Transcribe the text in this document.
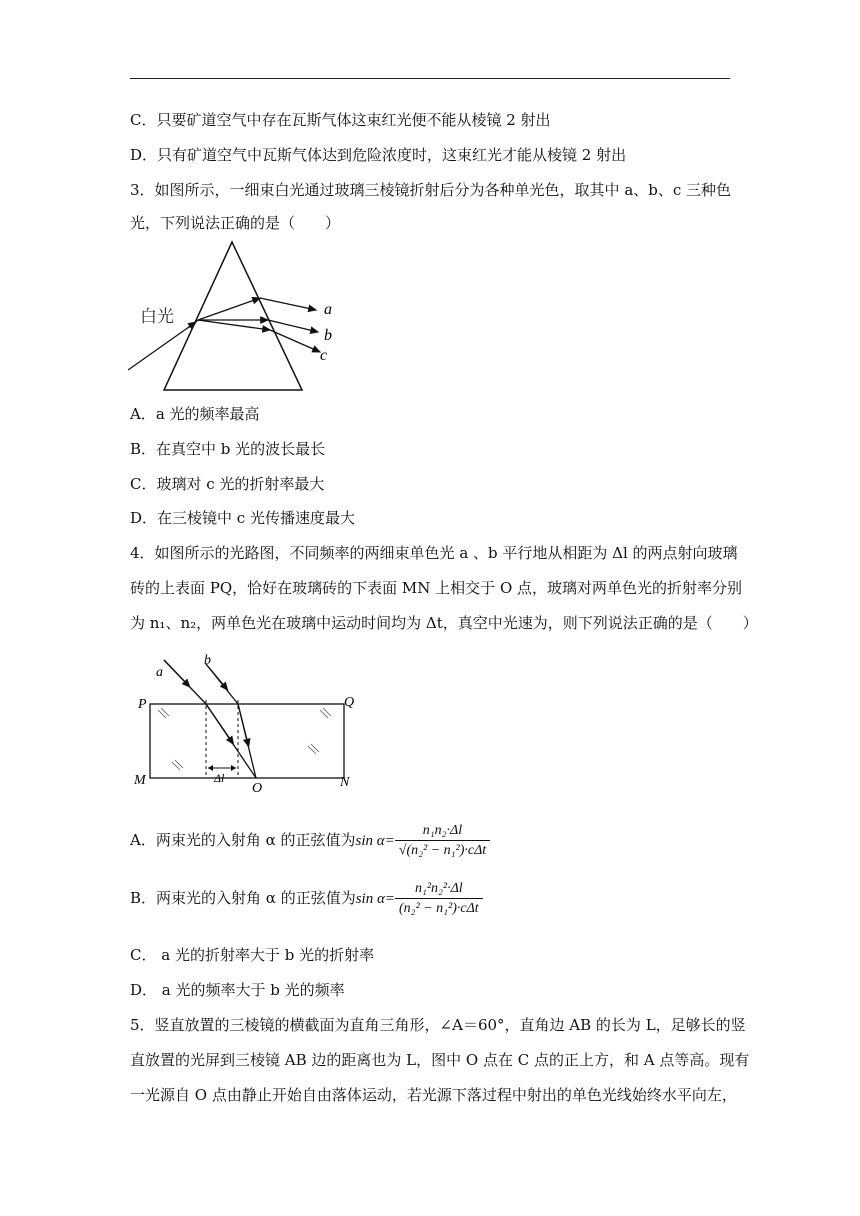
C．只要矿道空气中存在瓦斯气体这束红光便不能从棱镜 2 射出
D．只有矿道空气中瓦斯气体达到危险浓度时，这束红光才能从棱镜 2 射出
3．如图所示，一细束白光通过玻璃三棱镜折射后分为各种单光色，取其中 a、b、c 三种色
光，下列说法正确的是（　　）
白光	a
b
c
A．a 光的频率最高
B．在真空中 b 光的波长最长
C．玻璃对 c 光的折射率最大
D．在三棱镜中 c 光传播速度最大
4．如图所示的光路图，不同频率的两细束单色光 a 、b 平行地从相距为 Δl 的两点射向玻璃
砖的上表面 PQ，恰好在玻璃砖的下表面 MN 上相交于 O 点，玻璃对两单色光的折射率分别
为 n₁、n₂，两单色光在玻璃中运动时间均为 Δt，真空中光速为，则下列说法正确的是（　　）
a
b
P	Q
M	N
O
Δl
A．两束光的入射角 α 的正弦值为$\sin \alpha= \frac{\text{n₁n₂·Δl}}{\text{√(n₂² − n₁²)·cΔt}}$
B．两束光的入射角 α 的正弦值为$\sin \alpha= \frac{\text{n₁²n₂²·Δl}}{\text{(n₂² − n₁²)·cΔt}}$
C． a 光的折射率大于 b 光的折射率
D． a 光的频率大于 b 光的频率
5．竖直放置的三棱镜的横截面为直角三角形，∠A＝60°，直角边 AB 的长为 L，足够长的竖
直放置的光屏到三棱镜 AB 边的距离也为 L，图中 O 点在 C 点的正上方，和 A 点等高。现有
一光源自 O 点由静止开始自由落体运动，若光源下落过程中射出的单色光线始终水平向左，
